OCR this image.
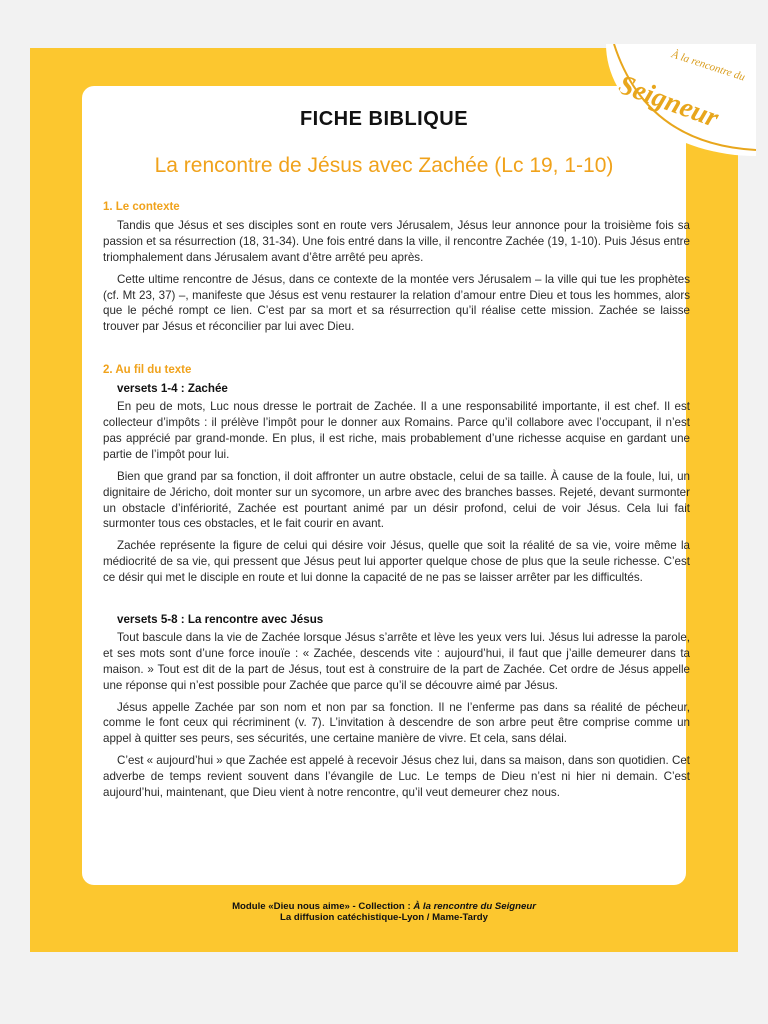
À la rencontre du
Seigneur
FICHE BIBLIQUE
La rencontre de Jésus avec Zachée (Lc 19, 1-10)
1. Le contexte

Tandis que Jésus et ses disciples sont en route vers Jérusalem, Jésus leur annonce pour la troisième fois sa passion et sa résurrection (18, 31-34). Une fois entré dans la ville, il rencontre Zachée (19, 1-10). Puis Jésus entre triomphalement dans Jérusalem avant d’être arrêté peu après.

Cette ultime rencontre de Jésus, dans ce contexte de la montée vers Jérusalem – la ville qui tue les prophètes (cf. Mt 23, 37) –, manifeste que Jésus est venu restaurer la relation d’amour entre Dieu et tous les hommes, alors que le péché rompt ce lien. C’est par sa mort et sa résurrection qu’il réalise cette mission. Zachée se laisse trouver par Jésus et réconcilier par lui avec Dieu.

2. Au fil du texte
versets 1-4 : Zachée

En peu de mots, Luc nous dresse le portrait de Zachée. Il a une responsabilité importante, il est chef. Il est collecteur d’impôts : il prélève l’impôt pour le donner aux Romains. Parce qu’il collabore avec l’occupant, il n’est pas apprécié par grand-monde. En plus, il est riche, mais probablement d’une richesse acquise en gardant une partie de l’impôt pour lui.

Bien que grand par sa fonction, il doit affronter un autre obstacle, celui de sa taille. À cause de la foule, lui, un dignitaire de Jéricho, doit monter sur un sycomore, un arbre avec des branches basses. Rejeté, devant surmonter un obstacle d’infériorité, Zachée est pourtant animé par un désir profond, celui de voir Jésus. Cela lui fait surmonter tous ces obstacles, et le fait courir en avant.

Zachée représente la figure de celui qui désire voir Jésus, quelle que soit la réalité de sa vie, voire même la médiocrité de sa vie, qui pressent que Jésus peut lui apporter quelque chose de plus que la seule richesse. C’est ce désir qui met le disciple en route et lui donne la capacité de ne pas se laisser arrêter par les difficultés.

versets 5-8 : La rencontre avec Jésus

Tout bascule dans la vie de Zachée lorsque Jésus s’arrête et lève les yeux vers lui. Jésus lui adresse la parole, et ses mots sont d’une force inouïe : « Zachée, descends vite : aujourd’hui, il faut que j’aille demeurer dans ta maison. » Tout est dit de la part de Jésus, tout est à construire de la part de Zachée. Cet ordre de Jésus appelle une réponse qui n’est possible pour Zachée que parce qu’il se découvre aimé par Jésus.

Jésus appelle Zachée par son nom et non par sa fonction. Il ne l’enferme pas dans sa réalité de pécheur, comme le font ceux qui récriminent (v. 7). L’invitation à descendre de son arbre peut être comprise comme un appel à quitter ses peurs, ses sécurités, une certaine manière de vivre. Et cela, sans délai.

C’est « aujourd’hui » que Zachée est appelé à recevoir Jésus chez lui, dans sa maison, dans son quotidien. Cet adverbe de temps revient souvent dans l’évangile de Luc. Le temps de Dieu n’est ni hier ni demain. C’est aujourd’hui, maintenant, que Dieu vient à notre rencontre, qu’il veut demeurer chez nous.

Module «Dieu nous aime» - Collection : À la rencontre du Seigneur
La diffusion catéchistique-Lyon / Mame-Tardy
